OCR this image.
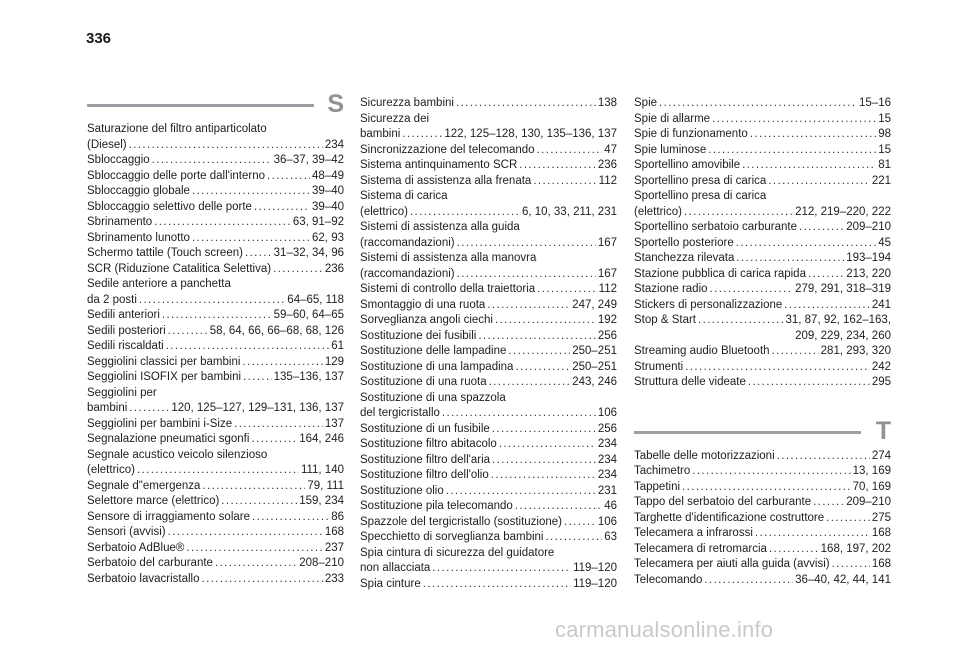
336
S
Saturazione del filtro antiparticolato
(Diesel) . . .	234
Sbloccaggio . . .	36–37, 39–42
Sbloccaggio delle porte dall'interno . . .	48–49
Sbloccaggio globale . . .	39–40
Sbloccaggio selettivo delle porte . . .	39–40
Sbrinamento . . .	63, 91–92
Sbrinamento lunotto . . .	62, 93
Schermo tattile (Touch screen) . . .	31–32, 34, 96
SCR (Riduzione Catalitica Selettiva) . . .	236
Sedile anteriore a panchetta
da 2 posti . . .	64–65, 118
Sedili anteriori . . .	59–60, 64–65
Sedili posteriori . . .	58, 64, 66, 66–68, 68, 126
Sedili riscaldati . . .	61
Seggiolini classici per bambini . . .	129
Seggiolini ISOFIX per bambini . . .	135–136, 137
Seggiolini per
bambini . . .	120, 125–127, 129–131, 136, 137
Seggiolini per bambini i-Size . . .	137
Segnalazione pneumatici sgonfi . . .	164, 246
Segnale acustico veicolo silenzioso
(elettrico) . . .	111, 140
Segnale d"emergenza . . .	79, 111
Selettore marce (elettrico) . . .	159, 234
Sensore di irraggiamento solare . . .	86
Sensori (avvisi) . . .	168
Serbatoio AdBlue® . . .	237
Serbatoio del carburante . . .	208–210
Serbatoio lavacristallo . . .	233
Sicurezza bambini . . .	138
Sicurezza dei
bambini . . .	122, 125–128, 130, 135–136, 137
Sincronizzazione del telecomando . . .	47
Sistema antinquinamento SCR . . .	236
Sistema di assistenza alla frenata . . .	112
Sistema di carica
(elettrico) . . .	6, 10, 33, 211, 231
Sistemi di assistenza alla guida
(raccomandazioni) . . .	167
Sistemi di assistenza alla manovra
(raccomandazioni) . . .	167
Sistemi di controllo della traiettoria . . .	112
Smontaggio di una ruota . . .	247, 249
Sorveglianza angoli ciechi . . .	192
Sostituzione dei fusibili . . .	256
Sostituzione delle lampadine . . .	250–251
Sostituzione di una lampadina . . .	250–251
Sostituzione di una ruota . . .	243, 246
Sostituzione di una spazzola
del tergicristallo . . .	106
Sostituzione di un fusibile . . .	256
Sostituzione filtro abitacolo . . .	234
Sostituzione filtro dell'aria . . .	234
Sostituzione filtro dell'olio . . .	234
Sostituzione olio . . .	231
Sostituzione pila telecomando . . .	46
Spazzole del tergicristallo (sostituzione) . . .	106
Specchietto di sorveglianza bambini . . .	63
Spia cintura di sicurezza del guidatore
non allacciata . . .	119–120
Spia cinture . . .	119–120
Spie . . .	15–16
Spie di allarme . . .	15
Spie di funzionamento . . .	98
Spie luminose . . .	15
Sportellino amovibile . . .	81
Sportellino presa di carica . . .	221
Sportellino presa di carica
(elettrico) . . .	212, 219–220, 222
Sportellino serbatoio carburante . . .	209–210
Sportello posteriore . . .	45
Stanchezza rilevata . . .	193–194
Stazione pubblica di carica rapida . . .	213, 220
Stazione radio . . .	279, 291, 318–319
Stickers di personalizzazione . . .	241
Stop & Start . . .	31, 87, 92, 162–163,
209, 229, 234, 260
Streaming audio Bluetooth . . .	281, 293, 320
Strumenti . . .	242
Struttura delle videate . . .	295
T
Tabelle delle motorizzazioni . . .	274
Tachimetro . . .	13, 169
Tappetini . . .	70, 169
Tappo del serbatoio del carburante . . .	209–210
Targhette d'identificazione costruttore . . .	275
Telecamera a infrarossi . . .	168
Telecamera di retromarcia . . .	168, 197, 202
Telecamera per aiuti alla guida (avvisi) . . .	168
Telecomando . . .	36–40, 42, 44, 141
carmanualsonline.info
